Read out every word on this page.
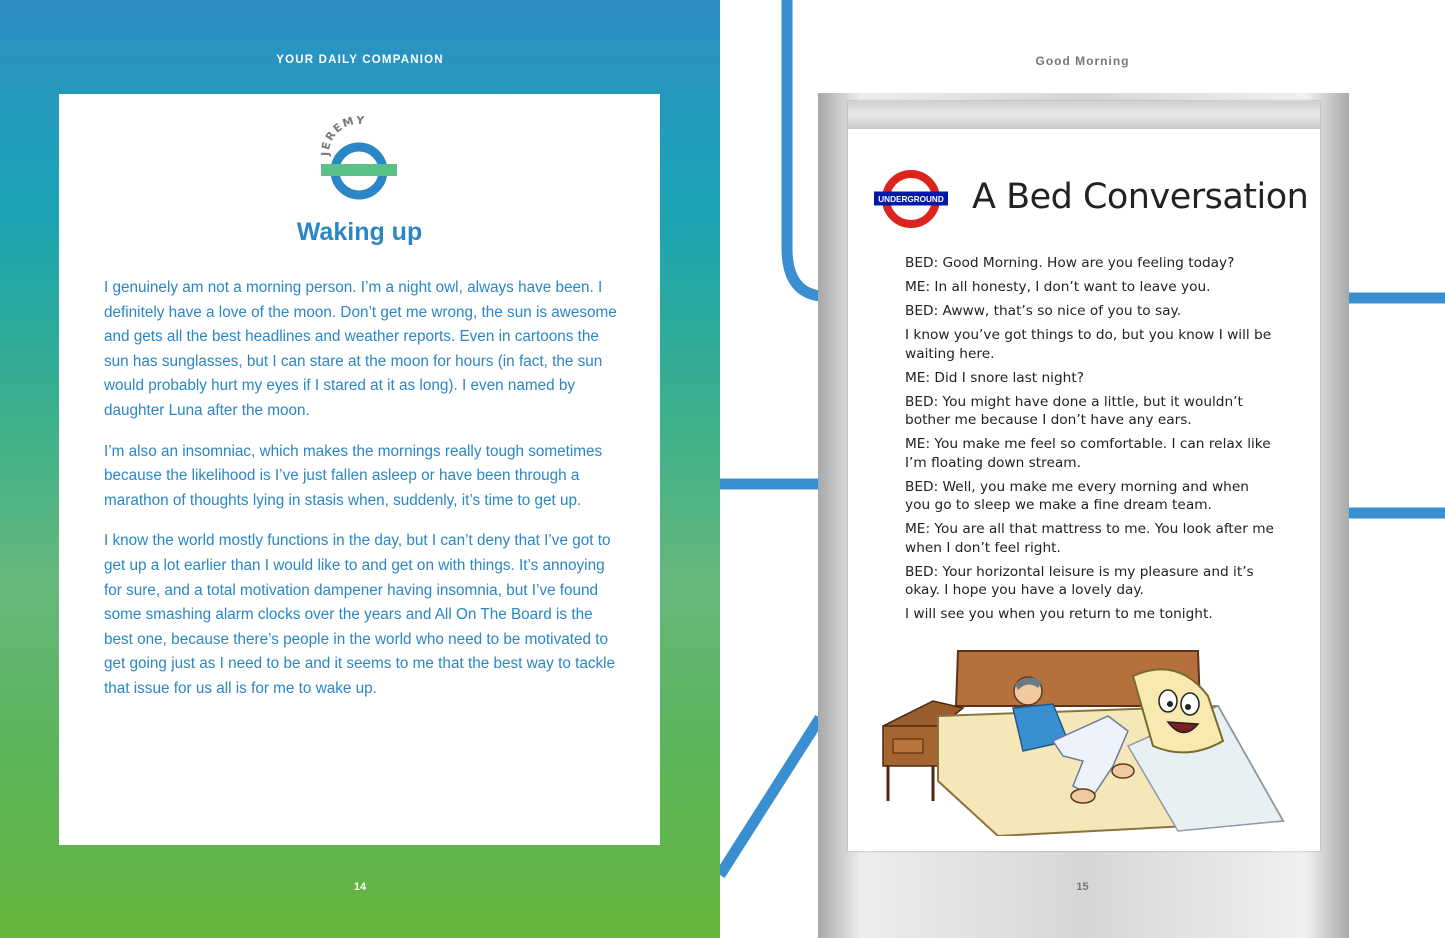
YOUR DAILY COMPANION
JEREMY
Waking up

I genuinely am not a morning person. I’m a night owl, always have been. I definitely have a love of the moon. Don’t get me wrong, the sun is awesome and gets all the best headlines and weather reports. Even in cartoons the sun has sunglasses, but I can stare at the moon for hours (in fact, the sun would probably hurt my eyes if I stared at it as long). I even named by daughter Luna after the moon.

I’m also an insomniac, which makes the mornings really tough sometimes because the likelihood is I’ve just fallen asleep or have been through a marathon of thoughts lying in stasis when, suddenly, it’s time to get up.

I know the world mostly functions in the day, but I can’t deny that I’ve got to get up a lot earlier than I would like to and get on with things. It’s annoying for sure, and a total motivation dampener having insomnia, but I’ve found some smashing alarm clocks over the years and All On The Board is the best one, because there’s people in the world who need to be motivated to get going just as I need to be and it seems to me that the best way to tackle that issue for us all is for me to wake up.

14
Good Morning
UNDERGROUND A Bed Conversation
BED: Good Morning. How are you feeling today?
ME: In all honesty, I don’t want to leave you.
BED: Awww, that’s so nice of you to say.
I know you’ve got things to do, but you know I will be waiting here.
ME: Did I snore last night?
BED: You might have done a little, but it wouldn’t bother me because I don’t have any ears.
ME: You make me feel so comfortable. I can relax like I’m floating down stream.
BED: Well, you make me every morning and when you go to sleep we make a fine dream team.
ME: You are all that mattress to me. You look after me when I don’t feel right.
BED: Your horizontal leisure is my pleasure and it’s okay. I hope you have a lovely day.
I will see you when you return to me tonight.
15
